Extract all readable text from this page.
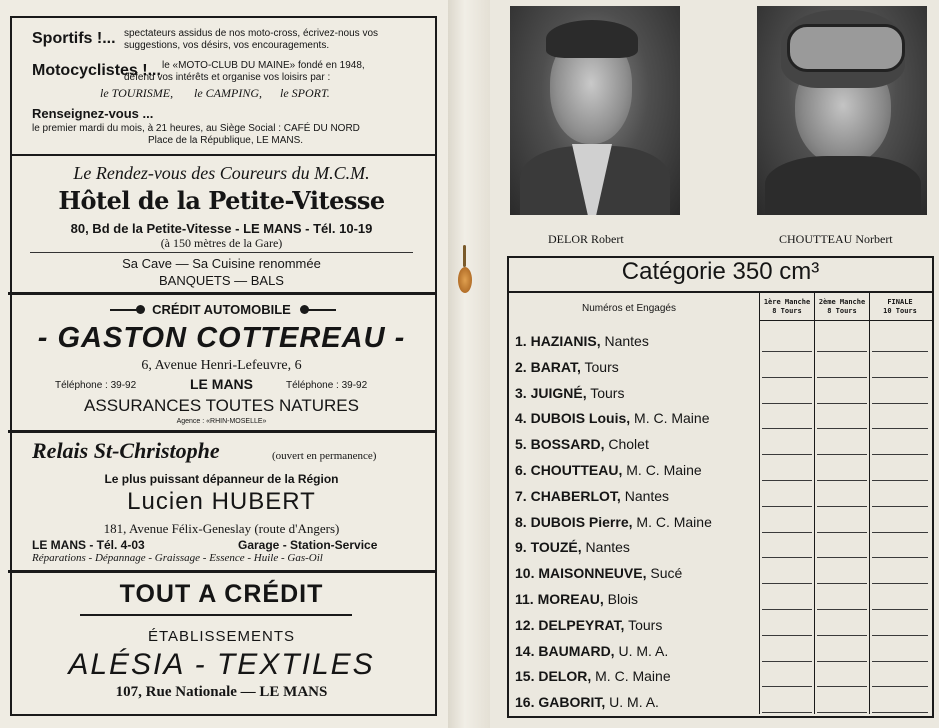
Sportifs !... spectateurs assidus de nos moto-cross, écrivez-nous vos
suggestions, vos désirs, vos encouragements.
Motocyclistes !... le «MOTO-CLUB DU MAINE» fondé en 1948,
défend vos intérêts et organise vos loisirs par :
le TOURISME, le CAMPING, le SPORT.
Renseignez-vous ...
le premier mardi du mois, à 21 heures, au Siège Social : CAFÉ DU NORD
Place de la République, LE MANS.
Le Rendez-vous des Coureurs du M.C.M.
Hôtel de la Petite-Vitesse
80, Bd de la Petite-Vitesse - LE MANS - Tél. 10-19
(à 150 mètres de la Gare)
Sa Cave — Sa Cuisine renommée
BANQUETS — BALS
CRÉDIT AUTOMOBILE
- GASTON COTTEREAU -
6, Avenue Henri-Lefeuvre, 6
Téléphone : 39-92	LE MANS	Téléphone : 39-92
ASSURANCES TOUTES NATURES
Agence : «RHIN-MOSELLE»
Relais St-Christophe	(ouvert en permanence)
Le plus puissant dépanneur de la Région
Lucien HUBERT
181, Avenue Félix-Geneslay (route d'Angers)
LE MANS - Tél. 4-03	Garage - Station-Service
Réparations - Dépannage - Graissage - Essence - Huile - Gas-Oil
TOUT A CRÉDIT
ÉTABLISSEMENTS
ALÉSIA - TEXTILES
107, Rue Nationale — LE MANS
DELOR Robert	CHOUTTEAU Norbert
Catégorie 350 cm³
Numéros et Engagés
1ère Manche
8 Tours
2ème Manche
8 Tours
FINALE
10 Tours
1. HAZIANIS, Nantes
2. BARAT, Tours
3. JUIGNÉ, Tours
4. DUBOIS Louis, M. C. Maine
5. BOSSARD, Cholet
6. CHOUTTEAU, M. C. Maine
7. CHABERLOT, Nantes
8. DUBOIS Pierre, M. C. Maine
9. TOUZÉ, Nantes
10. MAISONNEUVE, Sucé
11. MOREAU, Blois
12. DELPEYRAT, Tours
14. BAUMARD, U. M. A.
15. DELOR, M. C. Maine
16. GABORIT, U. M. A.
